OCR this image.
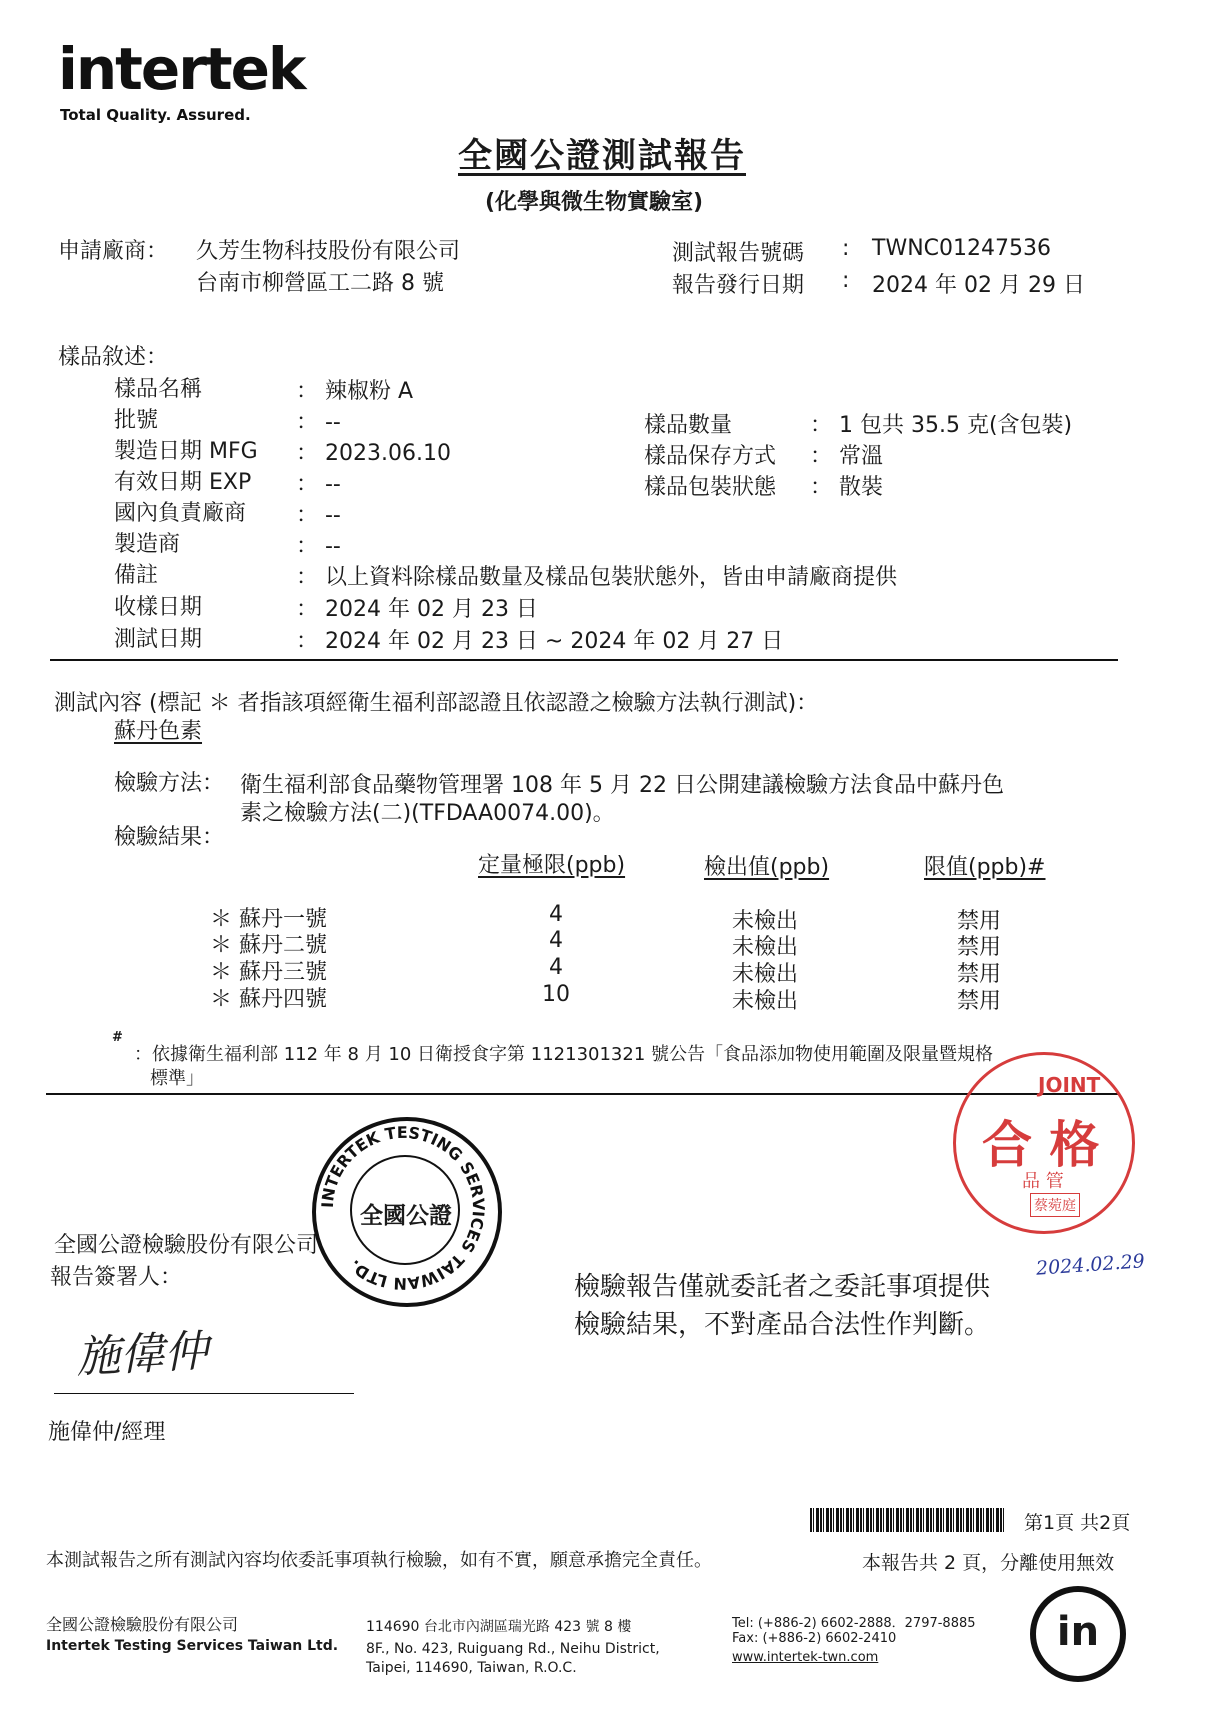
intertek
Total Quality. Assured.
全國公證測試報告
(化學與微生物實驗室)
申請廠商： 久芳生物科技股份有限公司
台南市柳營區工二路 8 號
測試報告號碼 : TWNC01247536
報告發行日期 : 2024 年 02 月 29 日
樣品敘述：
樣品名稱	： 辣椒粉 A
批號	： --
製造日期 MFG ： 2023.06.10
有效日期 EXP ： --
國內負責廠商 ： --
製造商	： --
備註	： 以上資料除樣品數量及樣品包裝狀態外，皆由申請廠商提供
收樣日期	： 2024 年 02 月 23 日
測試日期	： 2024 年 02 月 23 日 ~ 2024 年 02 月 27 日
樣品數量	： 1 包共 35.5 克(含包裝)
樣品保存方式 ： 常溫
樣品包裝狀態 ： 散裝
測試內容 (標記 ＊ 者指該項經衛生福利部認證且依認證之檢驗方法執行測試)：
蘇丹色素
檢驗方法： 衛生福利部食品藥物管理署 108 年 5 月 22 日公開建議檢驗方法食品中蘇丹色
素之檢驗方法(二)(TFDAA0074.00)。
檢驗結果：
定量極限(ppb)	檢出值(ppb)	限值(ppb)#
＊ 蘇丹一號	4	未檢出	禁用
＊ 蘇丹二號	4	未檢出	禁用
＊ 蘇丹三號	4	未檢出	禁用
＊ 蘇丹四號	10	未檢出	禁用
#
：依據衛生福利部 112 年 8 月 10 日衛授食字第 1121301321 號公告「食品添加物使用範圍及限量暨規格
標準」	JOINT
合 格
品 管
蔡菀庭
2024.02.29
全國公證檢驗股份有限公司
報告簽署人：
施偉仲
施偉仲/經理
INTERTEK TESTING SERVICES TAIWAN LTD.
全國公證
檢驗報告僅就委託者之委託事項提供
檢驗結果，不對產品合法性作判斷。
第1頁 共2頁
本測試報告之所有測試內容均依委託事項執行檢驗，如有不實，願意承擔完全責任。	本報告共 2 頁，分離使用無效
全國公證檢驗股份有限公司
Intertek Testing Services Taiwan Ltd.
114690 台北市內湖區瑞光路 423 號 8 樓
8F., No. 423, Ruiguang Rd., Neihu District,
Taipei, 114690, Taiwan, R.O.C.
Tel: (+886-2) 6602-2888．2797-8885
Fax: (+886-2) 6602-2410
www.intertek-twn.com
in
